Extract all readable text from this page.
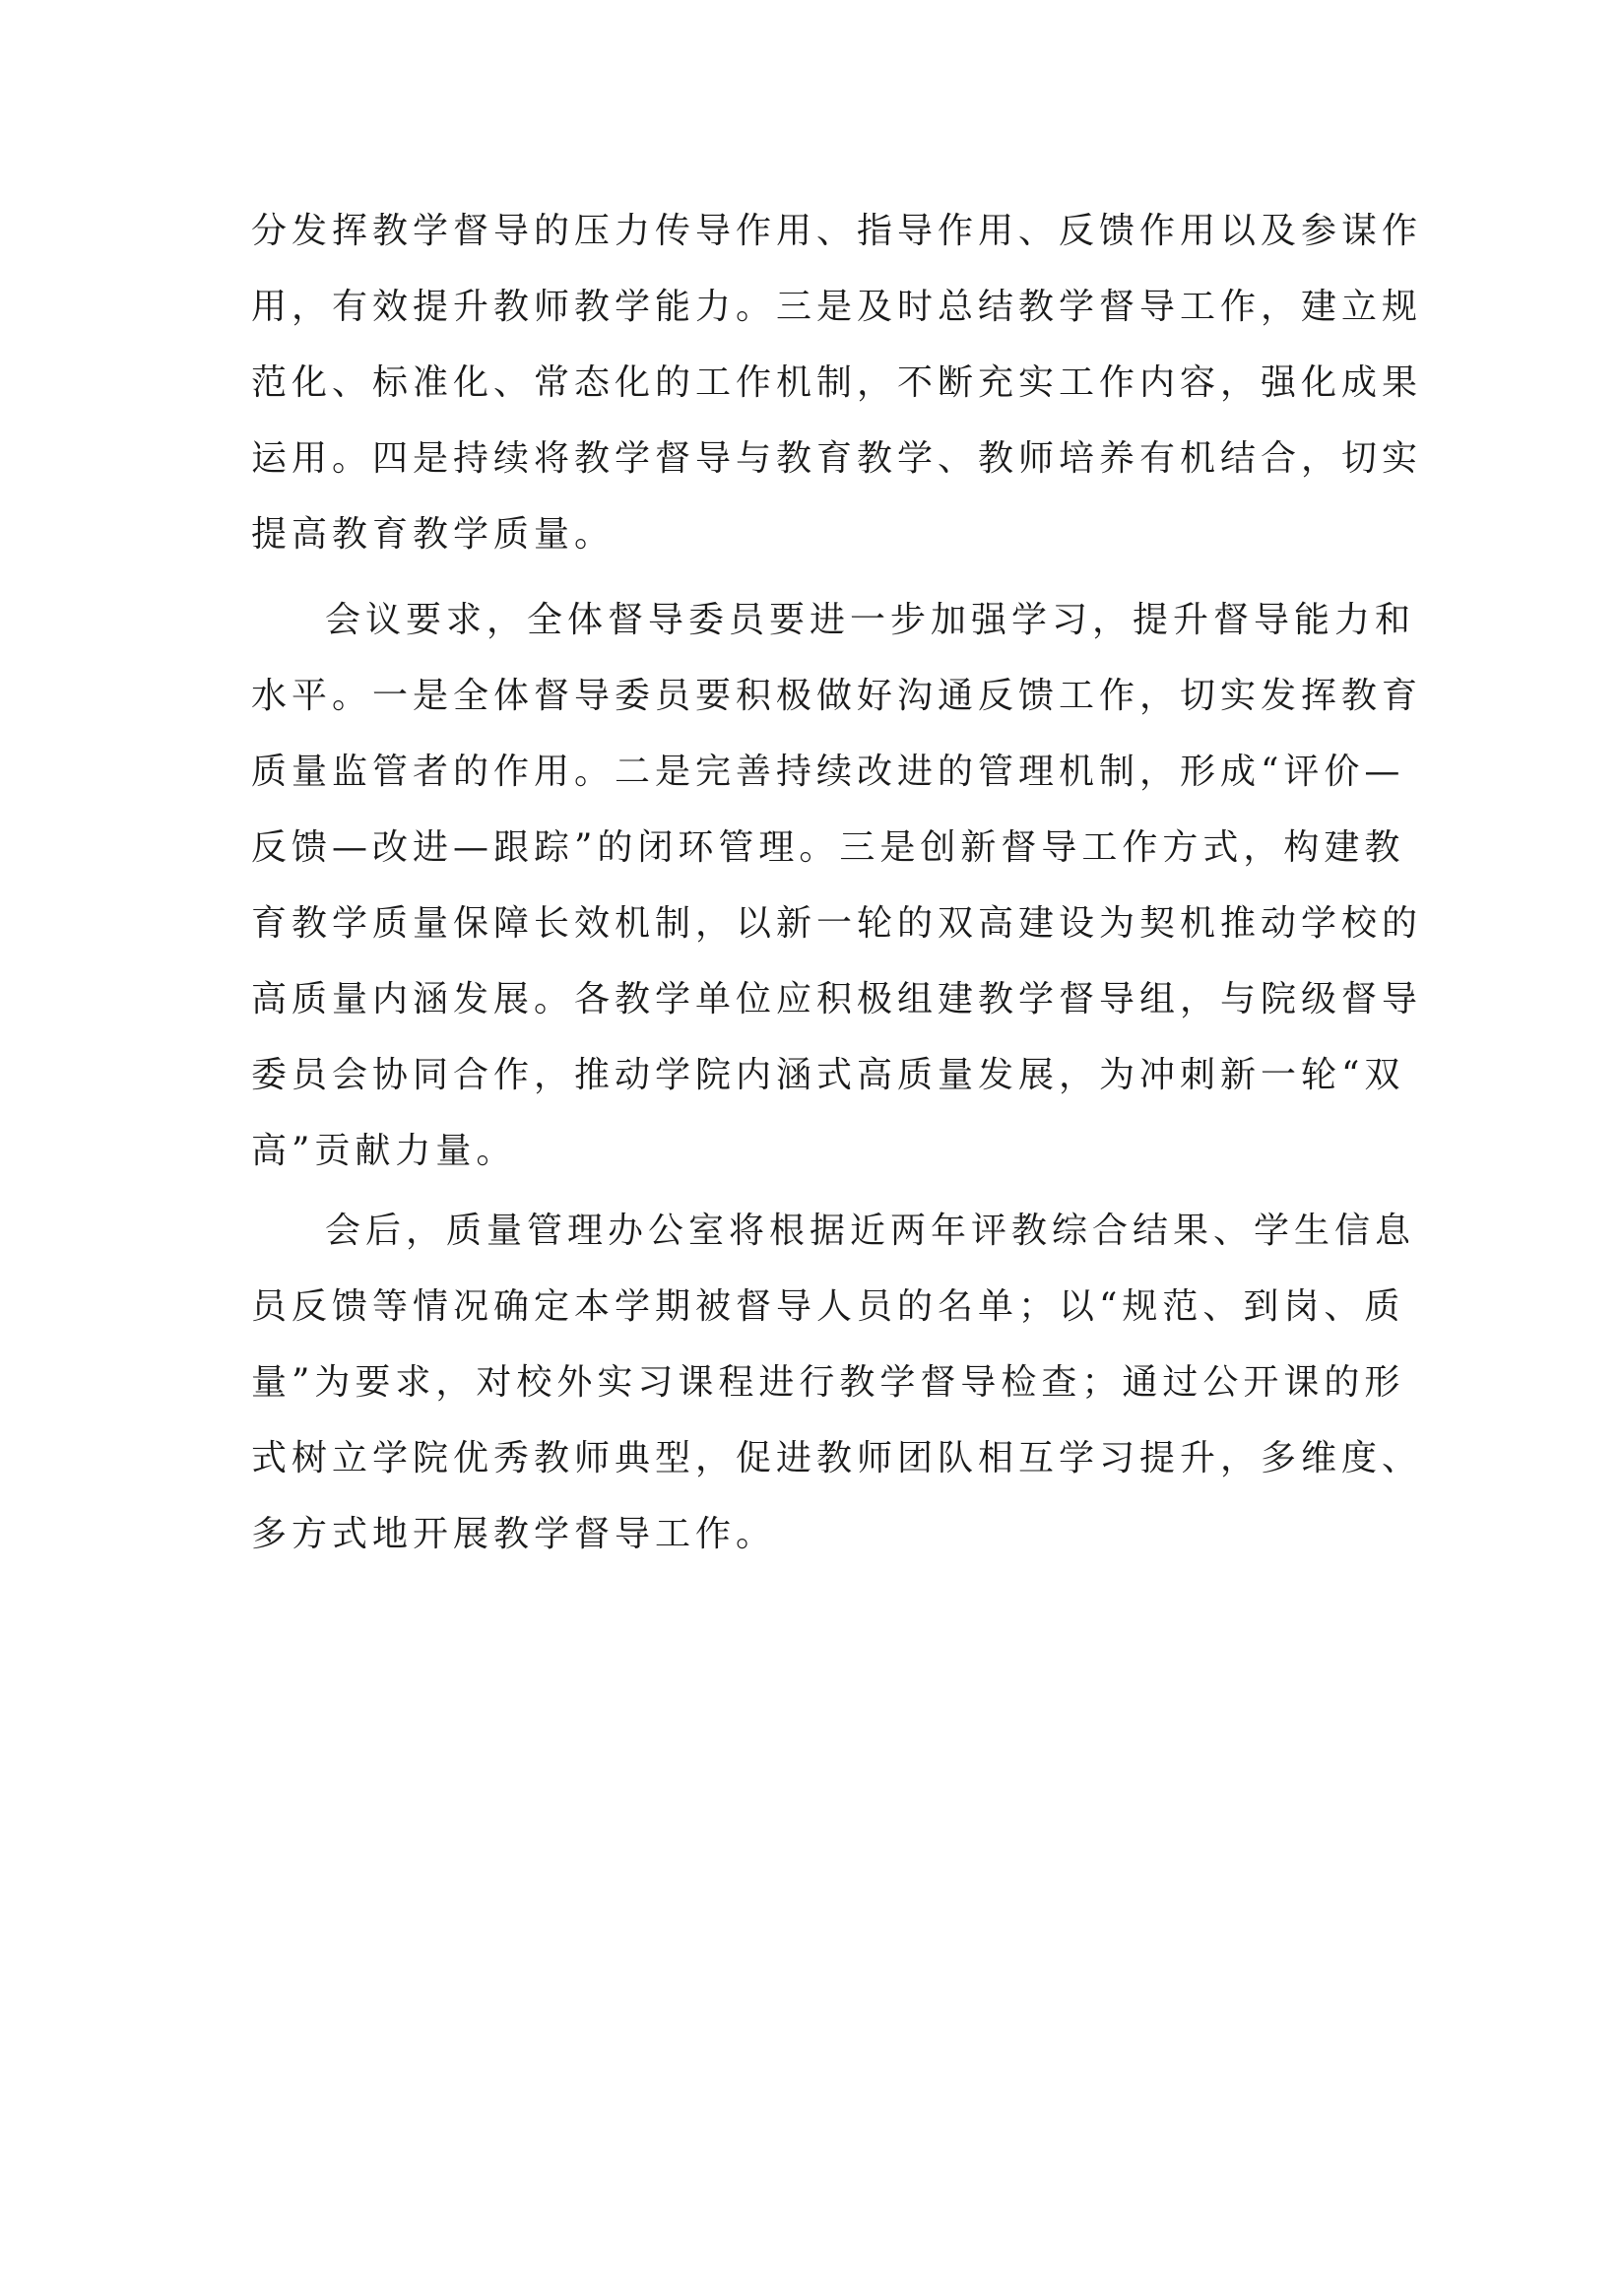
分发挥教学督导的压力传导作用、指导作用、反馈作用以及参谋作
用，有效提升教师教学能力。三是及时总结教学督导工作，建立规
范化、标准化、常态化的工作机制，不断充实工作内容，强化成果
运用。四是持续将教学督导与教育教学、教师培养有机结合，切实
提高教育教学质量。

会议要求，全体督导委员要进一步加强学习，提升督导能力和
水平。一是全体督导委员要积极做好沟通反馈工作，切实发挥教育
质量监管者的作用。二是完善持续改进的管理机制，形成“评价—
反馈—改进—跟踪”的闭环管理。三是创新督导工作方式，构建教
育教学质量保障长效机制，以新一轮的双高建设为契机推动学校的
高质量内涵发展。各教学单位应积极组建教学督导组，与院级督导
委员会协同合作，推动学院内涵式高质量发展，为冲刺新一轮“双
高”贡献力量。

会后，质量管理办公室将根据近两年评教综合结果、学生信息
员反馈等情况确定本学期被督导人员的名单；以“规范、到岗、质
量”为要求，对校外实习课程进行教学督导检查；通过公开课的形
式树立学院优秀教师典型，促进教师团队相互学习提升，多维度、
多方式地开展教学督导工作。
